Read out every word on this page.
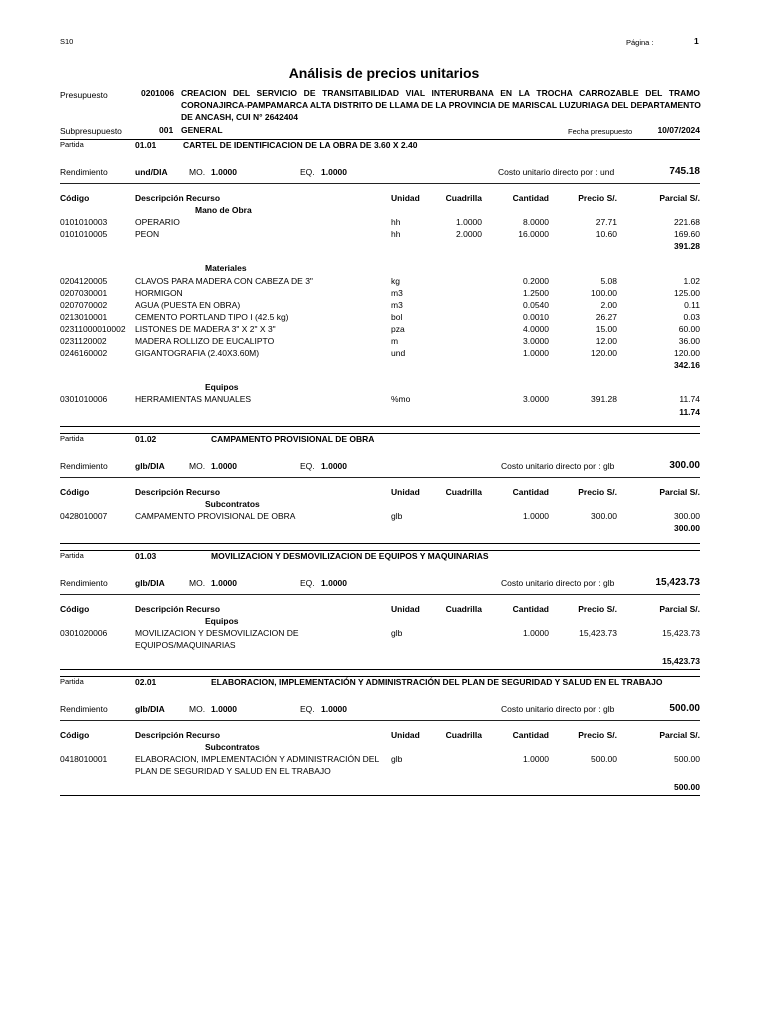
S10	Página :	1
Análisis de precios unitarios
Presupuesto	0201006 CREACION DEL SERVICIO DE TRANSITABILIDAD VIAL INTERURBANA EN LA TROCHA CARROZABLE DEL TRAMO
CORONAJIRCA-PAMPAMARCA ALTA DISTRITO DE LLAMA DE LA PROVINCIA DE MARISCAL LUZURIAGA DEL DEPARTAMENTO
DE ANCASH, CUI N° 2642404
Subpresupuesto	001 GENERAL	Fecha presupuesto	10/07/2024
Partida	01.01	CARTEL DE IDENTIFICACION DE LA OBRA DE 3.60 X 2.40
Rendimiento	und/DIA	MO. 1.0000	EQ. 1.0000	Costo unitario directo por : und	745.18
Código	Descripción Recurso	Unidad	Cuadrilla	Cantidad	Precio S/.	Parcial S/.
Mano de Obra
0101010003	OPERARIO	hh	1.0000	8.0000	27.71	221.68
0101010005	PEON	hh	2.0000	16.0000	10.60	169.60
391.28
Materiales
0204120005	CLAVOS PARA MADERA CON CABEZA DE 3"	kg	0.2000	5.08	1.02
0207030001	HORMIGON	m3	1.2500	100.00	125.00
0207070002	AGUA (PUESTA EN OBRA)	m3	0.0540	2.00	0.11
0213010001	CEMENTO PORTLAND TIPO I (42.5 kg)	bol	0.0010	26.27	0.03
02311000010002 LISTONES DE MADERA 3" X 2" X 3"	pza	4.0000	15.00	60.00
0231120002	MADERA ROLLIZO DE EUCALIPTO	m	3.0000	12.00	36.00
0246160002	GIGANTOGRAFIA (2.40X3.60M)	und	1.0000	120.00	120.00
342.16
Equipos
0301010006	HERRAMIENTAS MANUALES	%mo	3.0000	391.28	11.74
11.74
Partida	01.02	CAMPAMENTO PROVISIONAL DE OBRA
Rendimiento	glb/DIA	MO. 1.0000	EQ. 1.0000	Costo unitario directo por : glb	300.00
Código	Descripción Recurso	Unidad	Cuadrilla	Cantidad	Precio S/.	Parcial S/.
Subcontratos
0428010007	CAMPAMENTO PROVISIONAL DE OBRA	glb	1.0000	300.00	300.00
300.00
Partida	01.03	MOVILIZACION Y DESMOVILIZACION DE EQUIPOS Y MAQUINARIAS
Rendimiento	glb/DIA	MO. 1.0000	EQ. 1.0000	Costo unitario directo por : glb	15,423.73
Código	Descripción Recurso	Unidad	Cuadrilla	Cantidad	Precio S/.	Parcial S/.
Equipos
0301020006	MOVILIZACION Y DESMOVILIZACION DE	glb	1.0000	15,423.73	15,423.73
EQUIPOS/MAQUINARIAS
15,423.73
Partida	02.01	ELABORACION, IMPLEMENTACIÓN Y ADMINISTRACIÓN DEL PLAN DE SEGURIDAD Y SALUD EN EL TRABAJO
Rendimiento	glb/DIA	MO. 1.0000	EQ. 1.0000	Costo unitario directo por : glb	500.00
Código	Descripción Recurso	Unidad	Cuadrilla	Cantidad	Precio S/.	Parcial S/.
Subcontratos
0418010001	ELABORACION, IMPLEMENTACIÓN Y ADMINISTRACIÓN DEL glb	1.0000	500.00	500.00
PLAN DE SEGURIDAD Y SALUD EN EL TRABAJO
500.00
